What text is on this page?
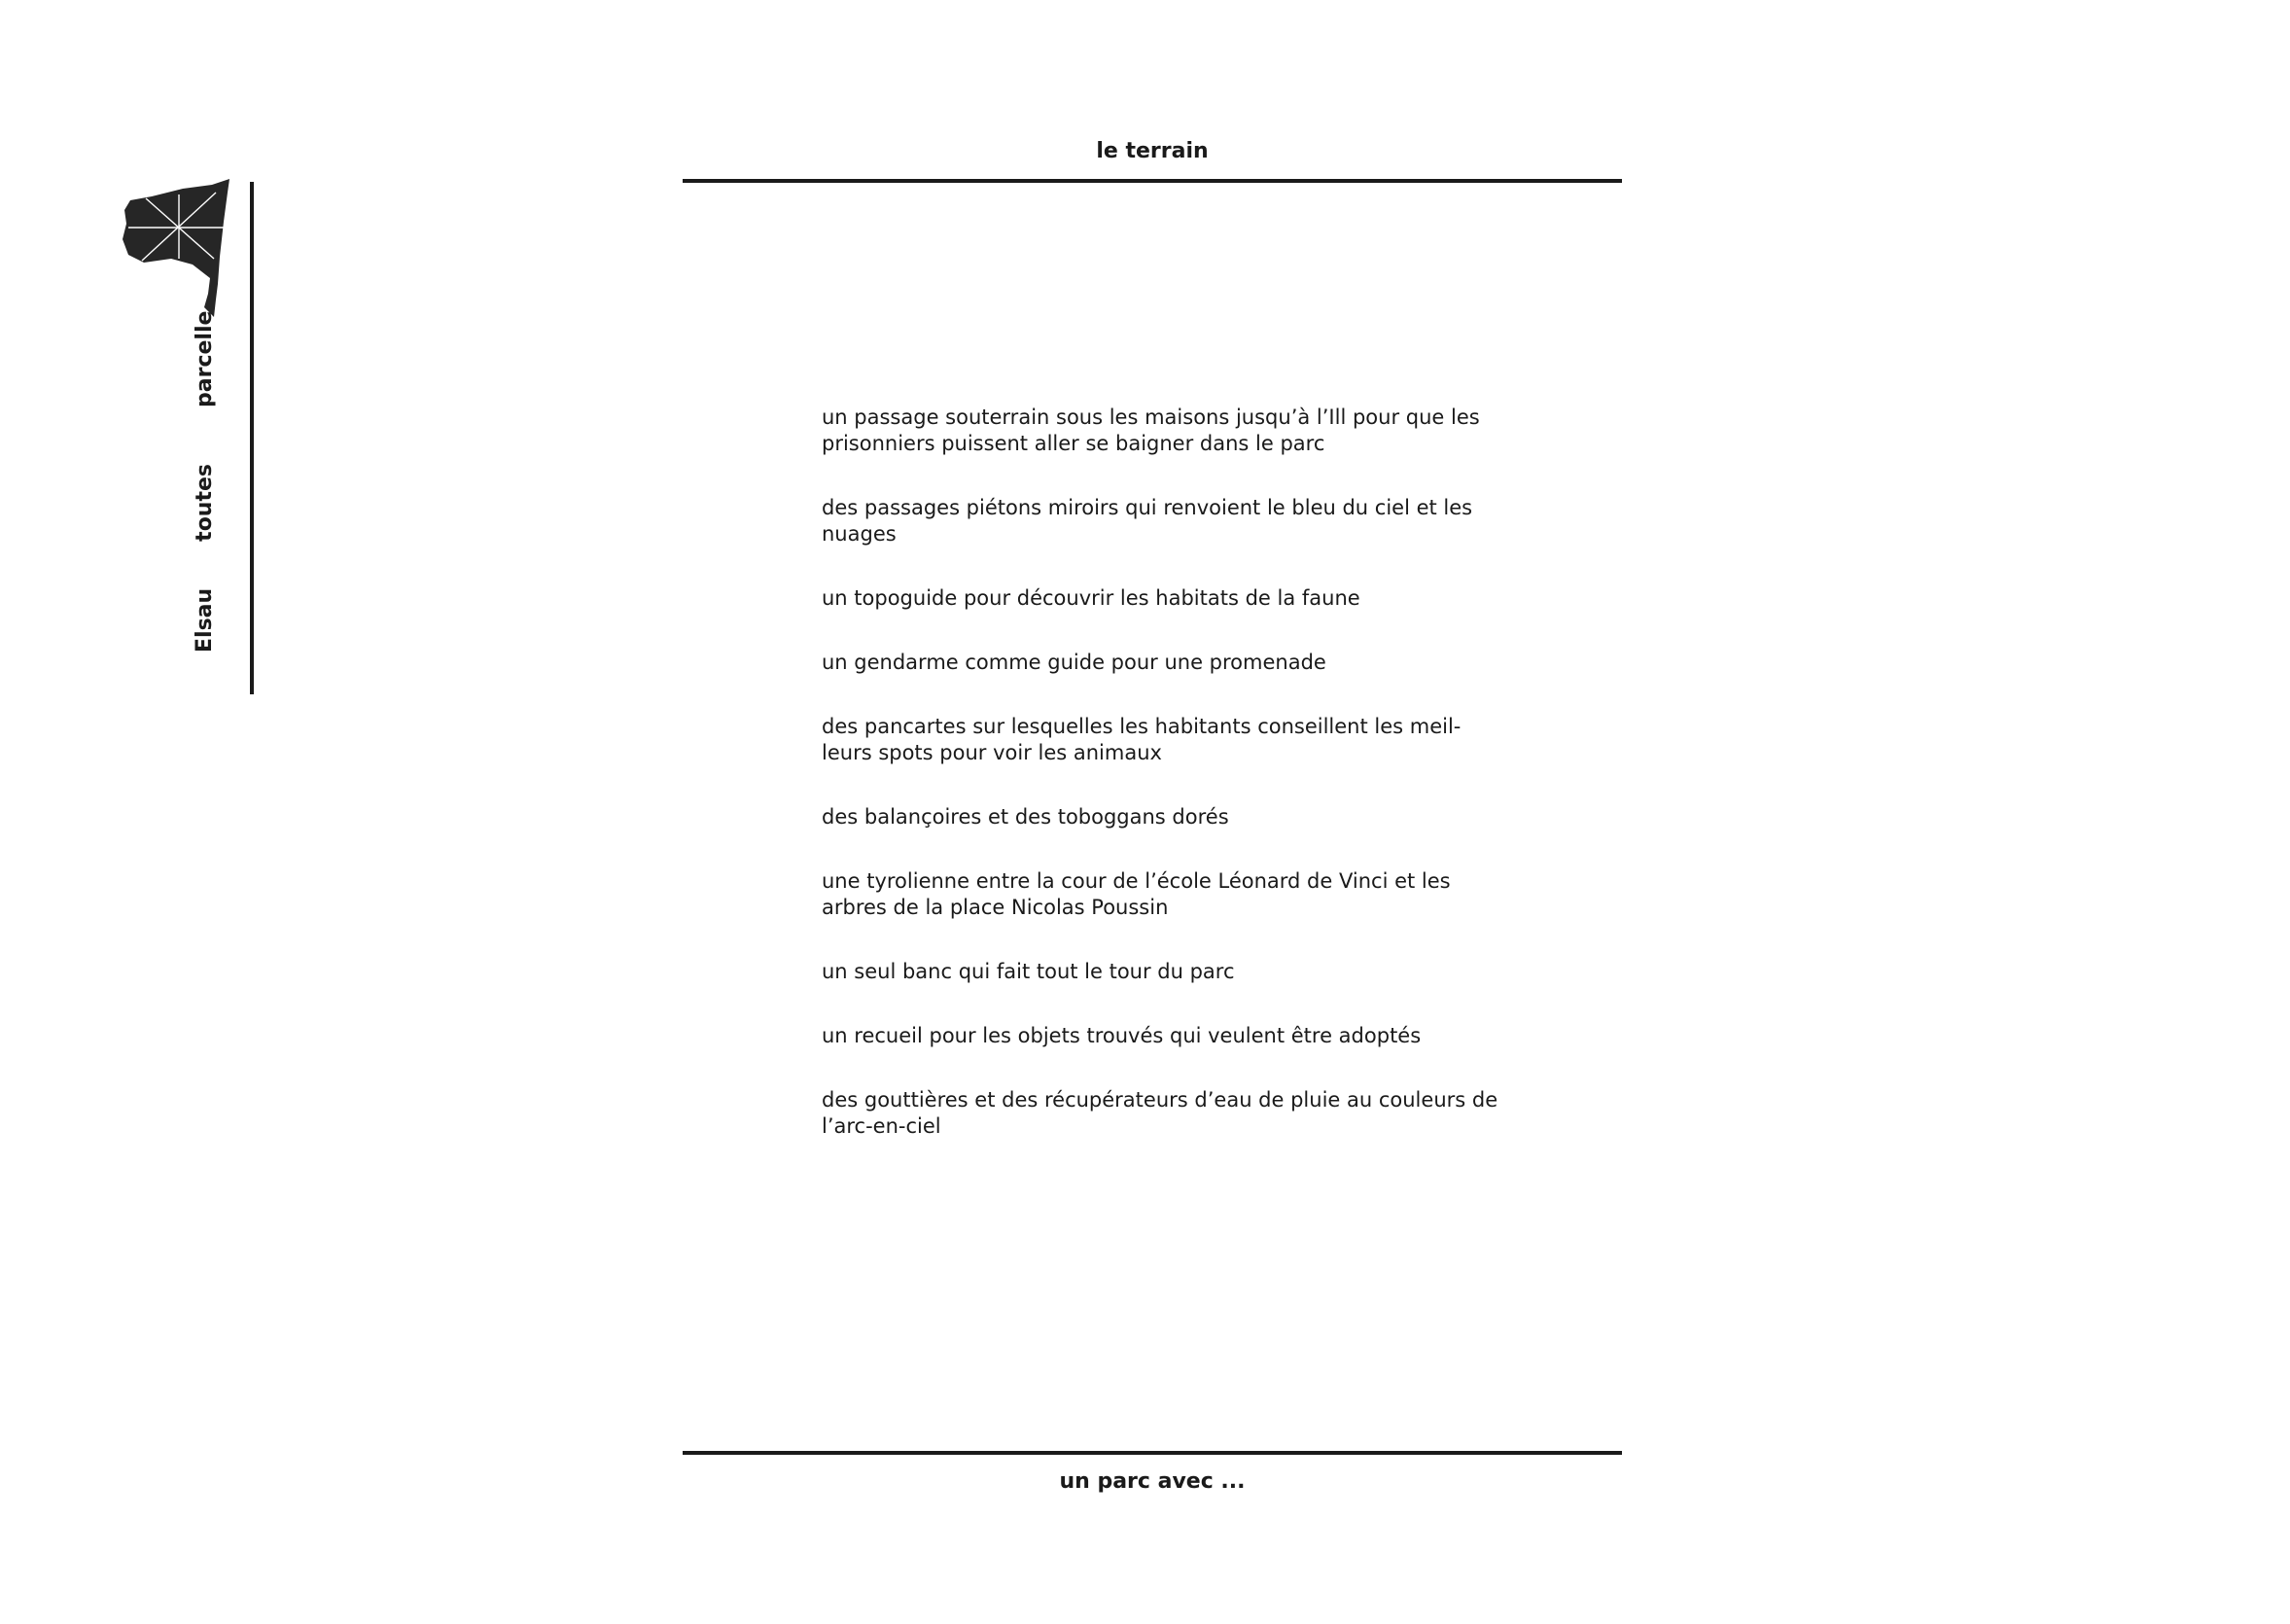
le terrain
Elsautoutesparcelle
un passage souterrain sous les maisons jusqu’à l’Ill pour que les prisonniers puissent aller se baigner dans le parc
des passages piétons miroirs qui renvoient le bleu du ciel et les nuages
un topoguide pour découvrir les habitats de la faune
un gendarme comme guide pour une promenade
des pancartes sur lesquelles les habitants conseillent les meil-leurs spots pour voir les animaux
des balançoires et des toboggans dorés
une tyrolienne entre la cour de l’école Léonard de Vinci et les arbres de la place Nicolas Poussin
un seul banc qui fait tout le tour du parc
un recueil pour les objets trouvés qui veulent être adoptés
des gouttières et des récupérateurs d’eau de pluie au couleurs de l’arc-en-ciel
un parc avec ...
